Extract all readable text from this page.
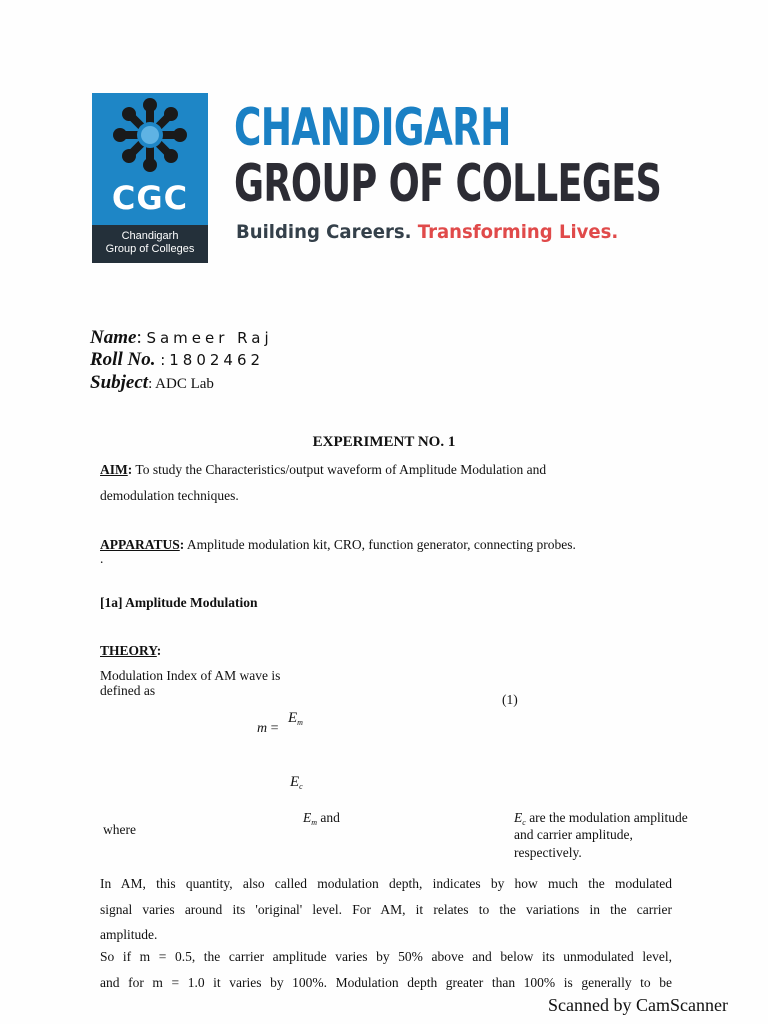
CGC
Chandigarh
Group of Colleges
CHANDIGARH
GROUP OF COLLEGES
Building Careers. Transforming Lives.
Name: Sameer Raj
Roll No. :1802462
Subject: ADC Lab
EXPERIMENT NO. 1
AIM: To study the Characteristics/output waveform of Amplitude Modulation and
demodulation techniques.
APPARATUS: Amplitude modulation kit, CRO, function generator, connecting probes.
.
[1a] Amplitude Modulation
THEORY:
Modulation Index of AM wave is
defined as
(1)
m =
$E_m$
$E_c$
where
$E_m$ and	$E_c$ are the modulation amplitude
and carrier amplitude,
respectively.
In AM, this quantity, also called modulation depth, indicates by how much the modulated
signal varies around its 'original' level. For AM, it relates to the variations in the carrier
amplitude.
So if m = 0.5, the carrier amplitude varies by 50% above and below its unmodulated level,
and for m = 1.0 it varies by 100%. Modulation depth greater than 100% is generally to be
Scanned by CamScanner
